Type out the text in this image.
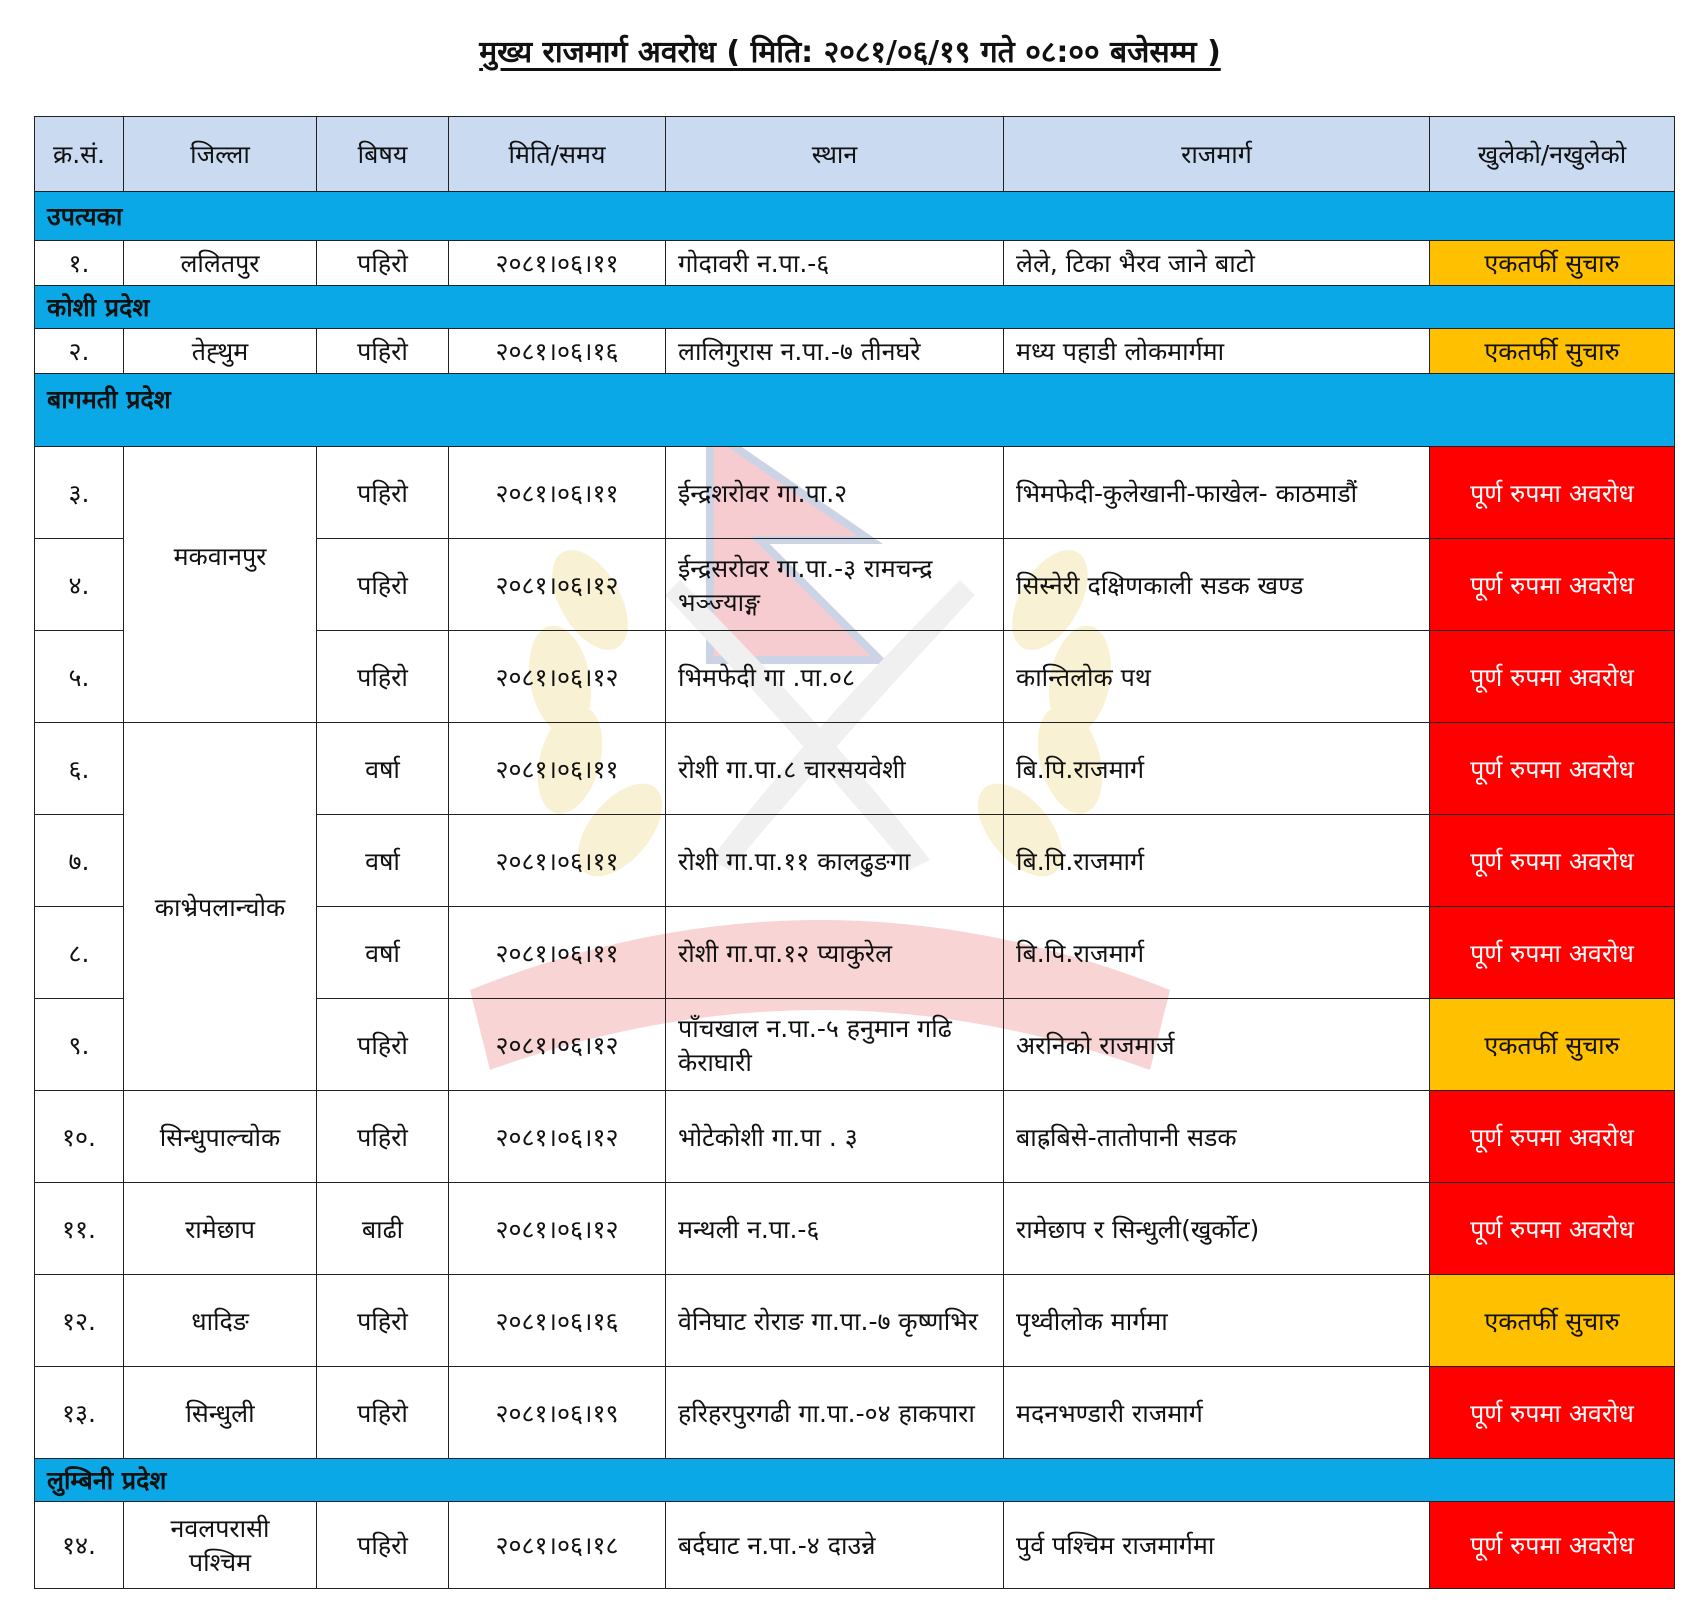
मुख्य राजमार्ग अवरोध ( मिति: २०८१/०६/१९ गते ०८:०० बजेसम्म )
क्र.सं.	जिल्ला	बिषय	मिति/समय	स्थान	राजमार्ग	खुलेको/नखुलेको
उपत्यका						
१.	ललितपुर	पहिरो	२०८१।०६।११	गोदावरी न.पा.-६	लेले, टिका भैरव जाने बाटो	एकतर्फी सुचारु
कोशी प्रदेश						
२.	तेह्थुम	पहिरो	२०८१।०६।१६	लालिगुरास न.पा.-७ तीनघरे	मध्य पहाडी लोकमार्गमा	एकतर्फी सुचारु
बागमती प्रदेश						
३.	मकवानपुर	पहिरो	२०८१।०६।११	ईन्द्रशरोवर गा.पा.२	भिमफेदी-कुलेखानी-फाखेल- काठमाडौं	पूर्ण रुपमा अवरोध
४.		पहिरो	२०८१।०६।१२	ईन्द्रसरोवर गा.पा.-३ रामचन्द्र भञ्ज्याङ्ग	सिस्नेरी दक्षिणकाली सडक खण्ड	पूर्ण रुपमा अवरोध
५.		पहिरो	२०८१।०६।१२	भिमफेदी गा .पा.०८	कान्तिलोक पथ	पूर्ण रुपमा अवरोध
६.	काभ्रेपलान्चोक	वर्षा	२०८१।०६।११	रोशी गा.पा.८ चारसयवेशी	बि.पि.राजमार्ग	पूर्ण रुपमा अवरोध
७.		वर्षा	२०८१।०६।११	रोशी गा.पा.११ कालढुङगा	बि.पि.राजमार्ग	पूर्ण रुपमा अवरोध
८.		वर्षा	२०८१।०६।११	रोशी गा.पा.१२ प्याकुरेल	बि.पि.राजमार्ग	पूर्ण रुपमा अवरोध
९.		पहिरो	२०८१।०६।१२	पाँचखाल न.पा.-५ हनुमान गढि केराघारी	अरनिको राजमार्ज	एकतर्फी सुचारु
१०.	सिन्धुपाल्चोक	पहिरो	२०८१।०६।१२	भोटेकोशी गा.पा . ३	बाह्रबिसे-तातोपानी सडक	पूर्ण रुपमा अवरोध
११.	रामेछाप	बाढी	२०८१।०६।१२	मन्थली न.पा.-६	रामेछाप र सिन्धुली(खुर्कोट)	पूर्ण रुपमा अवरोध
१२.	धादिङ	पहिरो	२०८१।०६।१६	वेनिघाट रोराङ गा.पा.-७ कृष्णभिर	पृथ्वीलोक मार्गमा	एकतर्फी सुचारु
१३.	सिन्धुली	पहिरो	२०८१।०६।१९	हरिहरपुरगढी गा.पा.-०४ हाकपारा	मदनभण्डारी राजमार्ग	पूर्ण रुपमा अवरोध
लुम्बिनी प्रदेश						
१४.	नवलपरासी पश्चिम	पहिरो	२०८१।०६।१८	बर्दघाट न.पा.-४ दाउन्ने	पुर्व पश्चिम राजमार्गमा	पूर्ण रुपमा अवरोध
